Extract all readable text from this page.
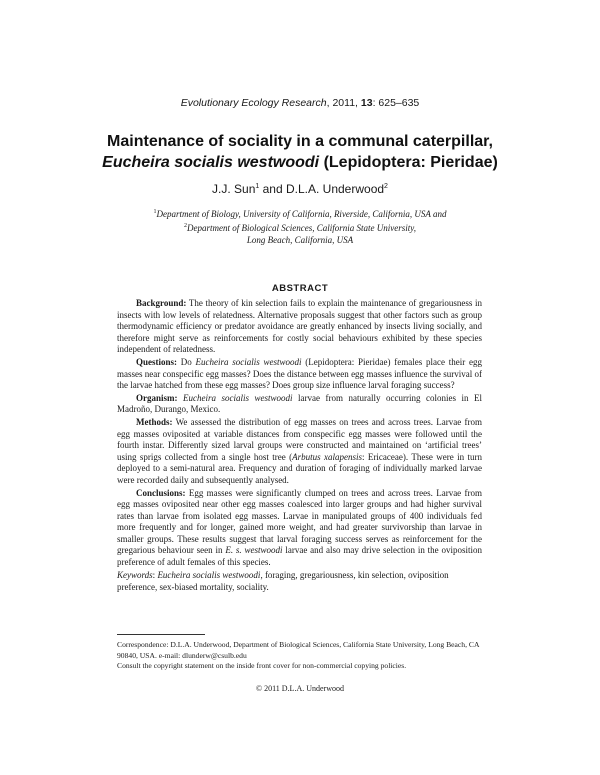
Evolutionary Ecology Research, 2011, 13: 625–635
Maintenance of sociality in a communal caterpillar,
Eucheira socialis westwoodi (Lepidoptera: Pieridae)
J.J. Sun$^1$ and D.L.A. Underwood$^2$
$^1$Department of Biology, University of California, Riverside, California, USA and
$^2$Department of Biological Sciences, California State University,
Long Beach, California, USA
ABSTRACT

Background: The theory of kin selection fails to explain the maintenance of gregariousness in insects with low levels of relatedness. Alternative proposals suggest that other factors such as group thermodynamic efficiency or predator avoidance are greatly enhanced by insects living socially, and therefore might serve as reinforcements for costly social behaviours exhibited by these species independent of relatedness.

Questions: Do Eucheira socialis westwoodi (Lepidoptera: Pieridae) females place their egg masses near conspecific egg masses? Does the distance between egg masses influence the survival of the larvae hatched from these egg masses? Does group size influence larval foraging success?

Organism: Eucheira socialis westwoodi larvae from naturally occurring colonies in El Madroño, Durango, Mexico.

Methods: We assessed the distribution of egg masses on trees and across trees. Larvae from egg masses oviposited at variable distances from conspecific egg masses were followed until the fourth instar. Differently sized larval groups were constructed and maintained on ‘artificial trees’ using sprigs collected from a single host tree (Arbutus xalapensis: Ericaceae). These were in turn deployed to a semi-natural area. Frequency and duration of foraging of individually marked larvae were recorded daily and subsequently analysed.

Conclusions: Egg masses were significantly clumped on trees and across trees. Larvae from egg masses oviposited near other egg masses coalesced into larger groups and had higher survival rates than larvae from isolated egg masses. Larvae in manipulated groups of 400 individuals fed more frequently and for longer, gained more weight, and had greater survivorship than larvae in smaller groups. These results suggest that larval foraging success serves as reinforcement for the gregarious behaviour seen in E. s. westwoodi larvae and also may drive selection in the oviposition preference of adult females of this species.

Keywords: Eucheira socialis westwoodi, foraging, gregariousness, kin selection, oviposition preference, sex-biased mortality, sociality.
Correspondence: D.L.A. Underwood, Department of Biological Sciences, California State University, Long Beach, CA 90840, USA. e-mail: dlunderw@csulb.edu
Consult the copyright statement on the inside front cover for non-commercial copying policies.
© 2011 D.L.A. Underwood
